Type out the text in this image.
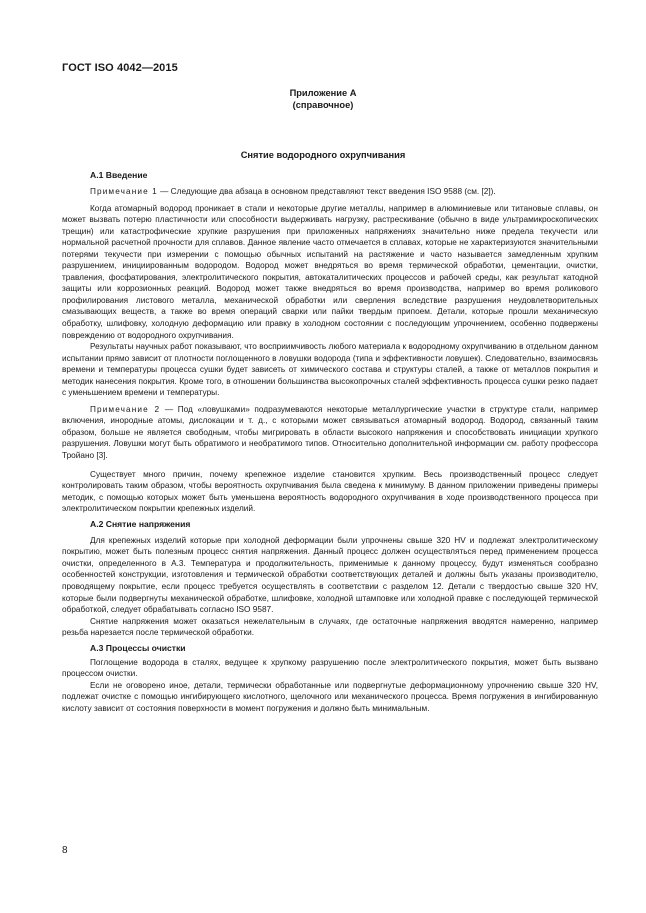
ГОСТ ISO 4042—2015
Приложение А
(справочное)
Снятие водородного охрупчивания
А.1 Введение

Примечание 1 — Следующие два абзаца в основном представляют текст введения ISO 9588 (см. [2]).

Когда атомарный водород проникает в стали и некоторые другие металлы, например в алюминиевые или титановые сплавы, он может вызвать потерю пластичности или способности выдерживать нагрузку, растрескивание (обычно в виде ультрамикроскопических трещин) или катастрофические хрупкие разрушения при приложенных напряжениях значительно ниже предела текучести или нормальной расчетной прочности для сплавов. Данное явление часто отмечается в сплавах, которые не характеризуются значительными потерями текучести при измерении с помощью обычных испытаний на растяжение и часто называется замедленным хрупким разрушением, инициированным водородом. Водород может внедряться во время термической обработки, цементации, очистки, травления, фосфатирования, электролитического покрытия, автокаталитических процессов и рабочей среды, как результат катодной защиты или коррозионных реакций. Водород может также внедряться во время производства, например во время роликового профилирования листового металла, механической обработки или сверления вследствие разрушения неудовлетворительных смазывающих веществ, а также во время операций сварки или пайки твердым припоем. Детали, которые прошли механическую обработку, шлифовку, холодную деформацию или правку в холодном состоянии с последующим упрочнением, особенно подвержены повреждению от водородного охрупчивания.

Результаты научных работ показывают, что восприимчивость любого материала к водородному охрупчиванию в отдельном данном испытании прямо зависит от плотности поглощенного в ловушки водорода (типа и эффективности ловушек). Следовательно, взаимосвязь времени и температуры процесса сушки будет зависеть от химического состава и структуры сталей, а также от металлов покрытия и методик нанесения покрытия. Кроме того, в отношении большинства высокопрочных сталей эффективность процесса сушки резко падает с уменьшением времени и температуры.

Примечание 2 — Под «ловушками» подразумеваются некоторые металлургические участки в структуре стали, например включения, инородные атомы, дислокации и т. д., с которыми может связываться атомарный водород. Водород, связанный таким образом, больше не является свободным, чтобы мигрировать в области высокого напряжения и способствовать инициации хрупкого разрушения. Ловушки могут быть обратимого и необратимого типов. Относительно дополнительной информации см. работу профессора Тройано [3].

Существует много причин, почему крепежное изделие становится хрупким. Весь производственный процесс следует контролировать таким образом, чтобы вероятность охрупчивания была сведена к минимуму. В данном приложении приведены примеры методик, с помощью которых может быть уменьшена вероятность водородного охрупчивания в ходе производственного процесса при электролитическом покрытии крепежных изделий.

А.2 Снятие напряжения

Для крепежных изделий которые при холодной деформации были упрочнены свыше 320 HV и подлежат электролитическому покрытию, может быть полезным процесс снятия напряжения. Данный процесс должен осуществляться перед применением процесса очистки, определенного в А.3. Температура и продолжительность, применимые к данному процессу, будут изменяться сообразно особенностей конструкции, изготовления и термической обработки соответствующих деталей и должны быть указаны производителю, проводящему покрытие, если процесс требуется осуществлять в соответствии с разделом 12. Детали с твердостью свыше 320 HV, которые были подвергнуты механической обработке, шлифовке, холодной штамповке или холодной правке с последующей термической обработкой, следует обрабатывать согласно ISO 9587.

Снятие напряжения может оказаться нежелательным в случаях, где остаточные напряжения вводятся намеренно, например резьба нарезается после термической обработки.

А.3 Процессы очистки

Поглощение водорода в сталях, ведущее к хрупкому разрушению после электролитического покрытия, может быть вызвано процессом очистки.

Если не оговорено иное, детали, термически обработанные или подвергнутые деформационному упрочнению свыше 320 HV, подлежат очистке с помощью ингибирующего кислотного, щелочного или механического процесса. Время погружения в ингибированную кислоту зависит от состояния поверхности в момент погружения и должно быть минимальным.

8
